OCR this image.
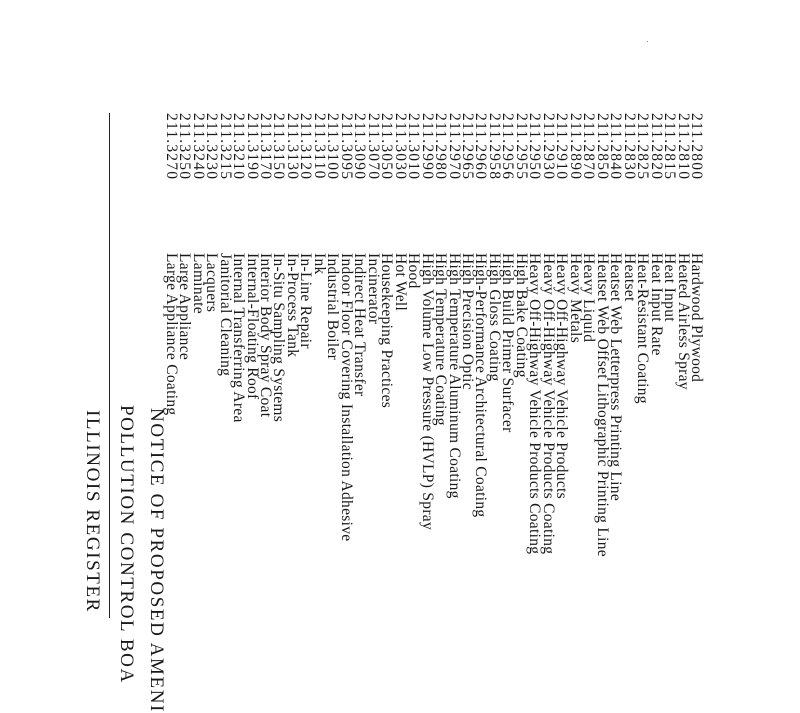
ILLINOIS REGISTER POLLUTION CONTROL BOA NOTICE OF PROPOSED AMENI
211.2800
Hardwood Plywood
211.2810
Heated Airless Spray
211.2815
Heat Input
211.2820
Heat Input Rate
211.2825
Heat-Resistant Coating
211.2830
Heatset
211.2840
Heatset Web Letterpress Printing Line
211.2850
Heatset Web Offset Lithographic Printing Line
211.2870
Heavy Liquid
211.2890
Heavy Metals
211.2910
Heavy Off-Highway Vehicle Products
211.2930
Heavy Off-Highway Vehicle Products Coating
211.2950
Heavy Off-Highway Vehicle Products Coating
211.2955
High Bake Coating
211.2956
High Build Primer Surfacer
211.2958
High Gloss Coating
211.2960
High-Performance Architectural Coating
211.2965
High Precision Optic
211.2970
High Temperature Aluminum Coating
211.2980
High Temperature Coating
211.2990
High Volume Low Pressure (HVLP) Spray
211.3010
Hood
211.3030
Hot Well
211.3050
Housekeeping Practices
211.3070
Incinerator
211.3090
Indirect Heat Transfer
211.3095
Indoor Floor Covering Installation Adhesive
211.3100
Industrial Boiler
211.3110
Ink
211.3120
In-Line Repair
211.3130
In-Process Tank
211.3150
In-Situ Sampling Systems
211.3170
Interior Body Spray Coat
211.3190
Internal-Floating Roof
211.3210
Internal Transferring Area
211.3215
Janitorial Cleaning
211.3230
Lacquers
211.3240
Laminate
211.3250
Large Appliance
211.3270
Large Appliance Coating
